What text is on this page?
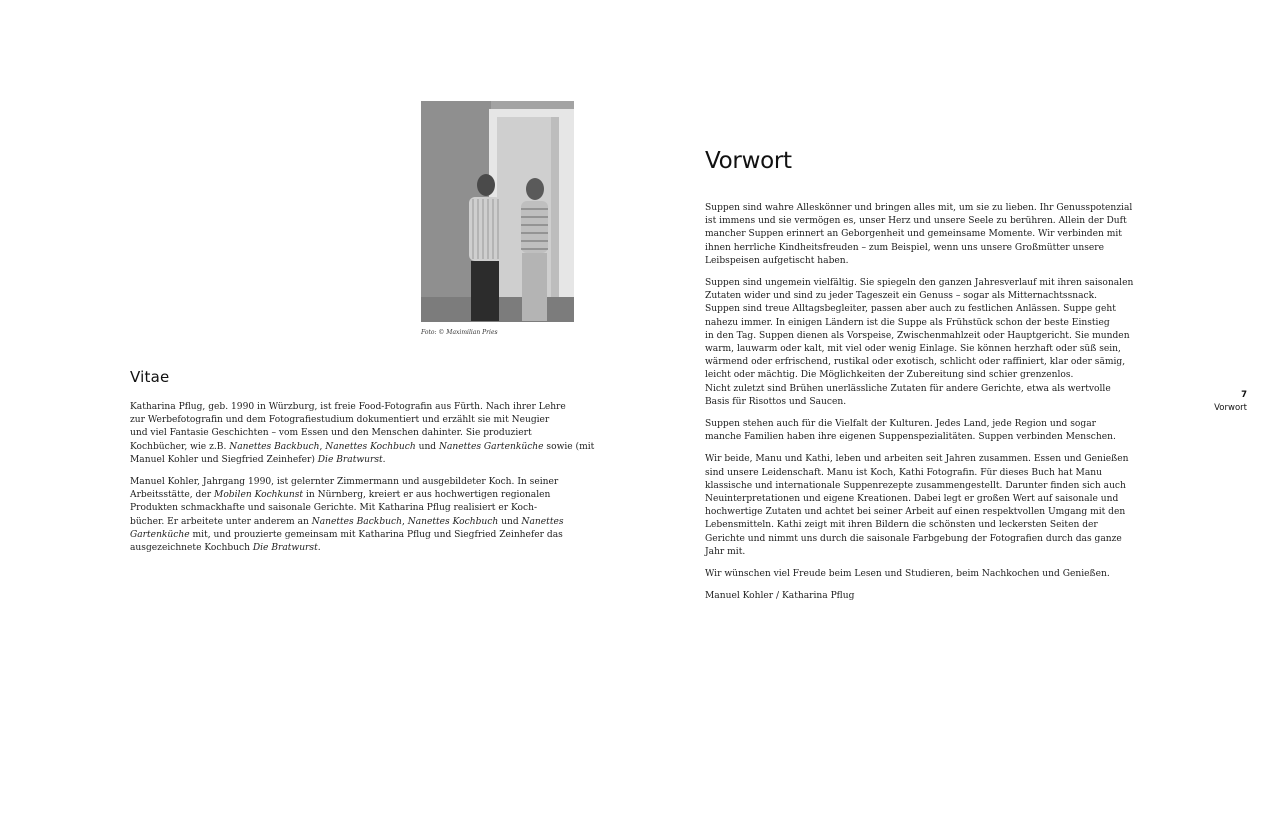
Foto: © Maximilian Pries
Vitae

Katharina Pflug, geb. 1990 in Würzburg, ist freie Food-Fotografin aus Fürth. Nach ihrer Lehre
zur Werbefotografin und dem Fotografiestudium dokumentiert und erzählt sie mit Neugier
und viel Fantasie Geschichten – vom Essen und den Menschen dahinter. Sie produziert
Kochbücher, wie z.B. Nanettes Backbuch, Nanettes Kochbuch und Nanettes Gartenküche sowie (mit
Manuel Kohler und Siegfried Zeinhefer) Die Bratwurst.

Manuel Kohler, Jahrgang 1990, ist gelernter Zimmermann und ausgebildeter Koch. In seiner
Arbeitsstätte, der Mobilen Kochkunst in Nürnberg, kreiert er aus hochwertigen regionalen
Produkten schmackhafte und saisonale Gerichte. Mit Katharina Pflug realisiert er Koch-
bücher. Er arbeitete unter anderem an Nanettes Backbuch, Nanettes Kochbuch und Nanettes
Gartenküche mit, und prouzierte gemeinsam mit Katharina Pflug und Siegfried Zeinhefer das
ausgezeichnete Kochbuch Die Bratwurst.

Vorwort

Suppen sind wahre Alleskönner und bringen alles mit, um sie zu lieben. Ihr Genusspotenzial
ist immens und sie vermögen es, unser Herz und unsere Seele zu berühren. Allein der Duft
mancher Suppen erinnert an Geborgenheit und gemeinsame Momente. Wir verbinden mit
ihnen herrliche Kindheitsfreuden – zum Beispiel, wenn uns unsere Großmütter unsere
Leibspeisen aufgetischt haben.

Suppen sind ungemein vielfältig. Sie spiegeln den ganzen Jahresverlauf mit ihren saisonalen
Zutaten wider und sind zu jeder Tageszeit ein Genuss – sogar als Mitternachtssnack.
Suppen sind treue Alltagsbegleiter, passen aber auch zu festlichen Anlässen. Suppe geht
nahezu immer. In einigen Ländern ist die Suppe als Frühstück schon der beste Einstieg
in den Tag. Suppen dienen als Vorspeise, Zwischenmahlzeit oder Hauptgericht. Sie munden
warm, lauwarm oder kalt, mit viel oder wenig Einlage. Sie können herzhaft oder süß sein,
wärmend oder erfrischend, rustikal oder exotisch, schlicht oder raffiniert, klar oder sämig,
leicht oder mächtig. Die Möglichkeiten der Zubereitung sind schier grenzenlos.
Nicht zuletzt sind Brühen unerlässliche Zutaten für andere Gerichte, etwa als wertvolle
Basis für Risottos und Saucen.

Suppen stehen auch für die Vielfalt der Kulturen. Jedes Land, jede Region und sogar
manche Familien haben ihre eigenen Suppenspezialitäten. Suppen verbinden Menschen.

Wir beide, Manu und Kathi, leben und arbeiten seit Jahren zusammen. Essen und Genießen
sind unsere Leidenschaft. Manu ist Koch, Kathi Fotografin. Für dieses Buch hat Manu
klassische und internationale Suppenrezepte zusammengestellt. Darunter finden sich auch
Neuinterpretationen und eigene Kreationen. Dabei legt er großen Wert auf saisonale und
hochwertige Zutaten und achtet bei seiner Arbeit auf einen respektvollen Umgang mit den
Lebensmitteln. Kathi zeigt mit ihren Bildern die schönsten und leckersten Seiten der
Gerichte und nimmt uns durch die saisonale Farbgebung der Fotografien durch das ganze
Jahr mit.

Wir wünschen viel Freude beim Lesen und Studieren, beim Nachkochen und Genießen.

Manuel Kohler / Katharina Pflug

7
Vorwort
